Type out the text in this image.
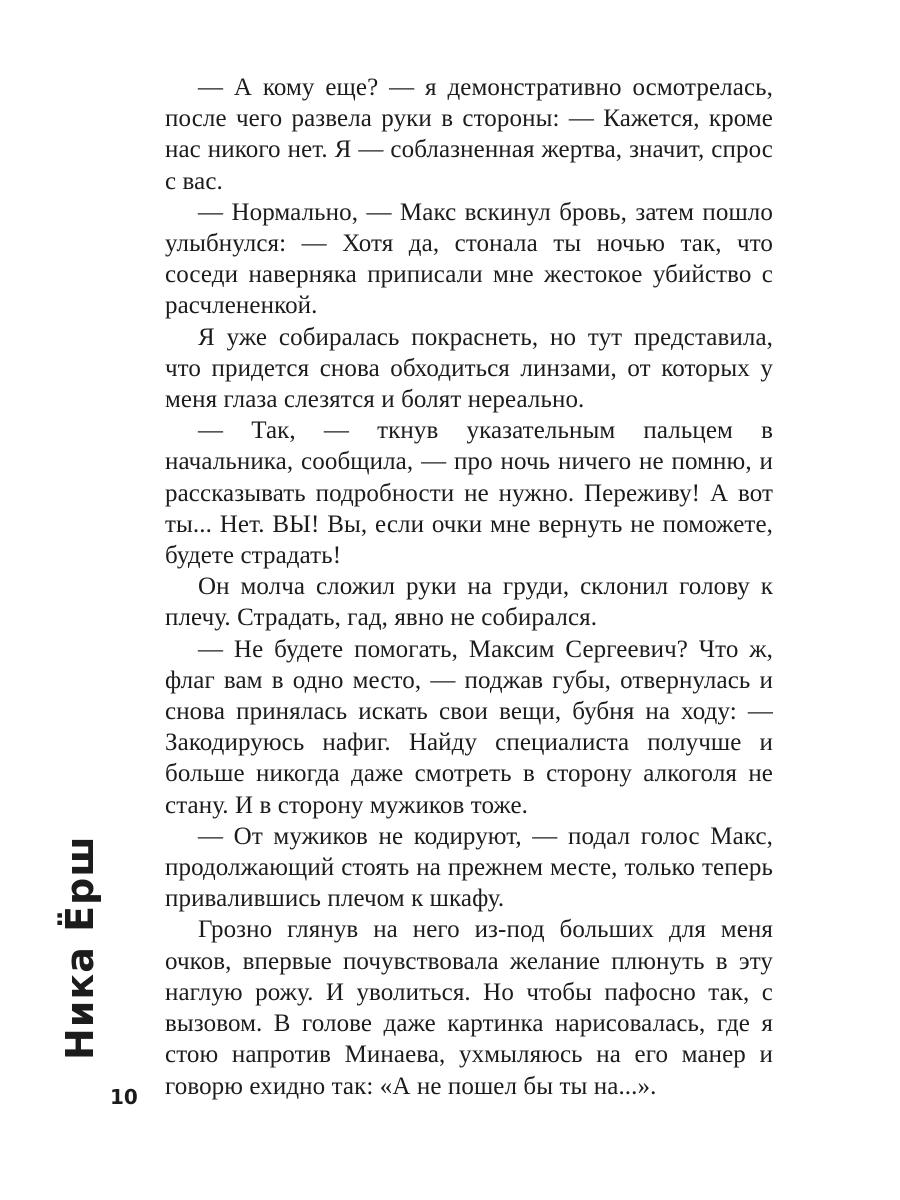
— А кому еще? — я демонстративно осмотрелась, после чего развела руки в стороны: — Кажется, кроме нас никого нет. Я — соблазненная жертва, значит, спрос с вас.

— Нормально, — Макс вскинул бровь, затем пошло улыбнулся: — Хотя да, стонала ты ночью так, что соседи наверняка приписали мне жестокое убийство с расчлененкой.

Я уже собиралась покраснеть, но тут представила, что придется снова обходиться линзами, от которых у меня глаза слезятся и болят нереально.

— Так, — ткнув указательным пальцем в начальника, сообщила, — про ночь ничего не помню, и рассказывать подробности не нужно. Переживу! А вот ты... Нет. ВЫ! Вы, если очки мне вернуть не поможете, будете страдать!

Он молча сложил руки на груди, склонил голову к плечу. Страдать, гад, явно не собирался.

— Не будете помогать, Максим Сергеевич? Что ж, флаг вам в одно место, — поджав губы, отвернулась и снова принялась искать свои вещи, бубня на ходу: — Закодируюсь нафиг. Найду специалиста получше и больше никогда даже смотреть в сторону алкоголя не стану. И в сторону мужиков тоже.

— От мужиков не кодируют, — подал голос Макс, продолжающий стоять на прежнем месте, только теперь привалившись плечом к шкафу.

Грозно глянув на него из-под больших для меня очков, впервые почувствовала желание плюнуть в эту наглую рожу. И уволиться. Но чтобы пафосно так, с вызовом. В голове даже картинка нарисовалась, где я стою напротив Минаева, ухмыляюсь на его манер и говорю ехидно так: «А не пошел бы ты на...».

Ника Ёрш
10
